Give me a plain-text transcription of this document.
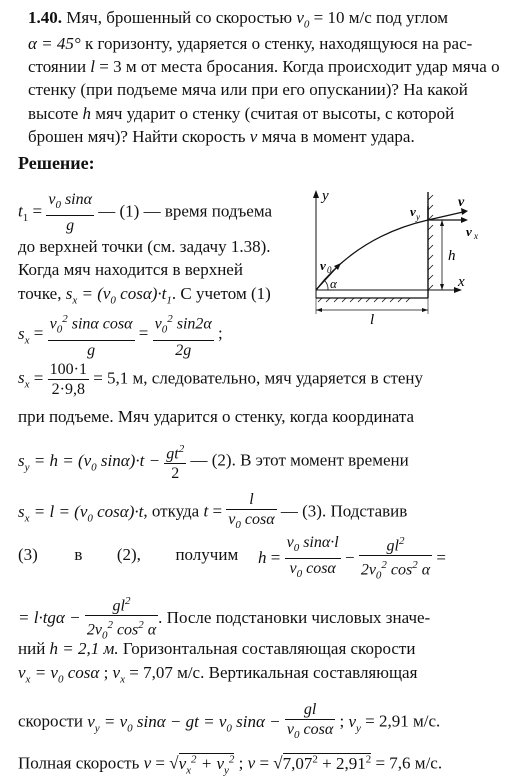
1.40. Мяч, брошенный со скоростью $v_0 = 10$ м/с под углом
α = 45° к горизонту, ударяется о стенку, находящуюся на рас-
стоянии l = 3 м от места бросания. Когда происходит удар мяча о
стенку (при подъеме мяча или при его опускании)? На какой
высоте h мяч ударит о стенку (считая от высоты, с которой
брошен мяч)? Найти скорость v мяча в момент удара.
Решение:
$t_1 = \frac{v_0 \sin\alpha}{g}$ — (1) — время подъема
до верхней точки (см. задачу 1.38).
Когда мяч находится в верхней
точке, $s_x = (v_0$ $\cos\alpha)\cdot t_1$. С учетом (1)
y
x
v
v y
v x
v 0
α
h
l
$s_x = \frac{v_0^2 \sin\alpha \cos\alpha}{g} = \frac{v_0^2 \sin 2\alpha}{2g}$ ;
$s_x = \frac{100\cdot 1}{2\cdot 9,8} = 5,1$ м, следовательно, мяч ударяется в стену
при подъеме. Мяч ударится о стенку, когда координата
$s_y = h = (v_0$ $\sin\alpha)\cdot t - \frac{gt^2}{2}$ — (2). В этот момент времени
$s_x = l = (v_0$ cosα)·t, откуда $t = \frac{l}{v_0 \cos\alpha}$ — (3). Подставив
(3) в (2), получим $h = \frac{v_0 \sin\alpha\cdot l}{v_0 \cos\alpha} - \frac{gl^2}{2v_0^2 \cos^2 \alpha}$ =
= $l\cdot tg\alpha - \frac{gl^2}{2v_0^2 \cos^2 \alpha}$ . После подстановки числовых значе-
ний h = 2,1 м. Горизонтальная составляющая скорости
$v_x = v_0$ cosα ; $v_x = 7,07$ м/с. Вертикальная составляющая
скорости $v_y = v_0$ sinα − gt = $v_0$ $\sin\alpha - \frac{gl}{v_0 \cos\alpha}$ ; $v_y = 2,91$ м/с.
Полная скорость $v = √v_x^2 + v_y^2$ ; $v = √7,07^2 + 2,91^2 = 7,6$ м/с.
